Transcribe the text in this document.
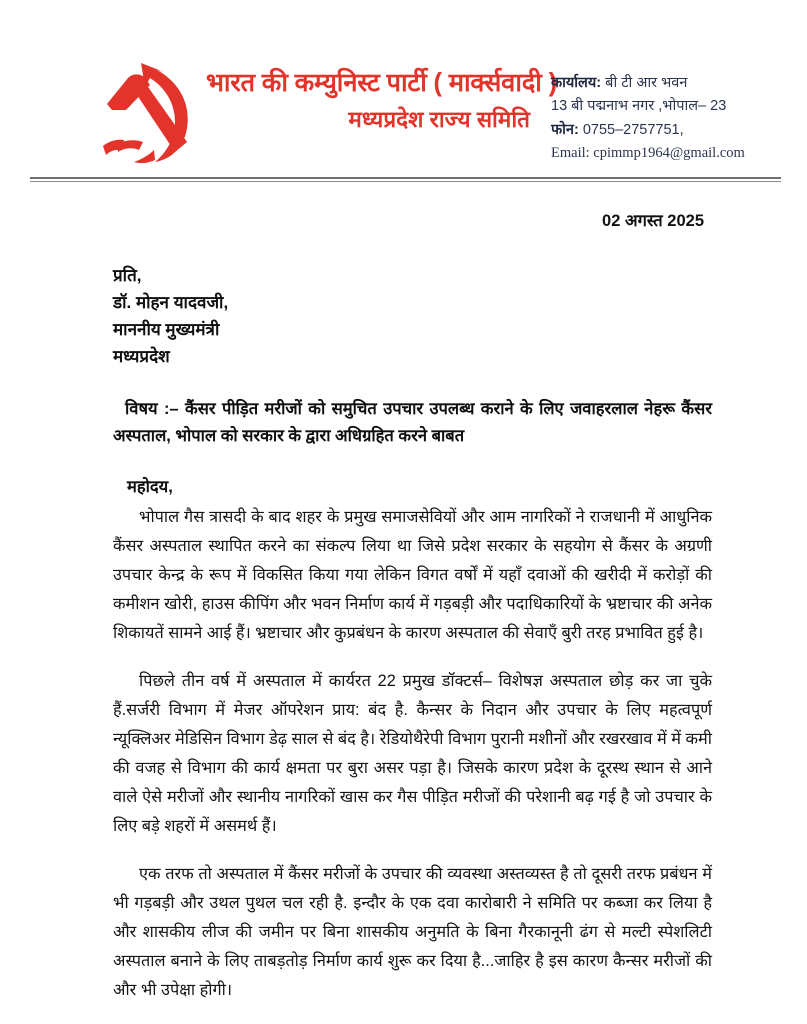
भारत की कम्युनिस्ट पार्टी ( मार्क्सवादी )
मध्यप्रदेश राज्य समिति
कार्यालय: बी टी आर भवन
13 बी पद्मनाभ नगर ,भोपाल– 23
फोन: 0755–2757751,
Email: cpimmp1964@gmail.com
02 अगस्त 2025
प्रति,
डॉ. मोहन यादवजी,
माननीय मुख्यमंत्री
मध्यप्रदेश
विषय :– कैंसर पीड़ित मरीजों को समुचित उपचार उपलब्ध कराने के लिए जवाहरलाल नेहरू कैंसर अस्पताल, भोपाल को सरकार के द्वारा अधिग्रहित करने बाबत
महोदय,
भोपाल गैस त्रासदी के बाद शहर के प्रमुख समाजसेवियों और आम नागरिकों ने राजधानी में आधुनिक कैंसर अस्पताल स्थापित करने का संकल्प लिया था जिसे प्रदेश सरकार के सहयोग से कैंसर के अग्रणी उपचार केन्द्र के रूप में विकसित किया गया लेकिन विगत वर्षों में यहाँ दवाओं की खरीदी में करोड़ों की कमीशन खोरी, हाउस कीपिंग और भवन निर्माण कार्य में गड़बड़ी और पदाधिकारियों के भ्रष्टाचार की अनेक शिकायतें सामने आई हैं। भ्रष्टाचार और कुप्रबंधन के कारण अस्पताल की सेवाएँ बुरी तरह प्रभावित हुई है।
पिछले तीन वर्ष में अस्पताल में कार्यरत 22 प्रमुख डॉक्टर्स– विशेषज्ञ अस्पताल छोड़ कर जा चुके हैं.सर्जरी विभाग में मेजर ऑपरेशन प्राय: बंद है. कैन्सर के निदान और उपचार के लिए महत्वपूर्ण न्यूक्लिअर मेडिसिन विभाग डेढ़ साल से बंद है। रेडियोथैरेपी विभाग पुरानी मशीनों और रखरखाव में में कमी की वजह से विभाग की कार्य क्षमता पर बुरा असर पड़ा है। जिसके कारण प्रदेश के दूरस्थ स्थान से आने वाले ऐसे मरीजों और स्थानीय नागरिकों खास कर गैस पीड़ित मरीजों की परेशानी बढ़ गई है जो उपचार के लिए बड़े शहरों में असमर्थ हैं।
एक तरफ तो अस्पताल में कैंसर मरीजों के उपचार की व्यवस्था अस्तव्यस्त है तो दूसरी तरफ प्रबंधन में भी गड़बड़ी और उथल पुथल चल रही है. इन्दौर के एक दवा कारोबारी ने समिति पर कब्जा कर लिया है और शासकीय लीज की जमीन पर बिना शासकीय अनुमति के बिना गैरकानूनी ढंग से मल्टी स्पेशलिटी अस्पताल बनाने के लिए ताबड़तोड़ निर्माण कार्य शुरू कर दिया है...जाहिर है इस कारण कैन्सर मरीजों की और भी उपेक्षा होगी।
